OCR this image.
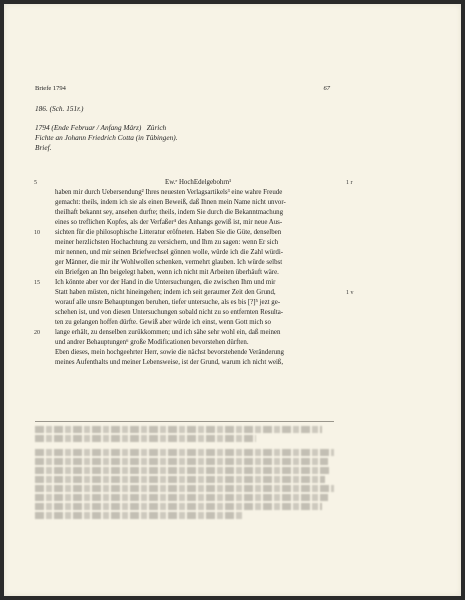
Briefe 1794	67
186. (Sch. 151r.)
1794 (Ende Februar / Anfang März)   Zürich
Fichte an Johann Friedrich Cotta (in Tübingen).
Brief.
5	Ew.⁠ᵉ HochEdelgebohrn¹	1 r
haben mir durch Uebersendung² Ihres neuesten Verlagsartikels³ eine wahre Freude
gemacht: theils, indem ich sie als einen Beweiß, daß Ihnen mein Name nicht unvor-
theilhaft bekannt sey, ansehen durfte; theils, indem Sie durch die Bekanntmachung
eines so treflichen Kopfes, als der Verfaßer⁴ des Anhangs gewiß ist, mir neue Aus-
10 sichten für die philosophische Litteratur eröfneten. Haben Sie die Güte, denselben
meiner herzlichsten Hochachtung zu versichern, und Ihm zu sagen: wenn Er sich
mir nennen, und mir seinen Briefwechsel gönnen wolle, würde ich die Zahl würdi-
ger Männer, die mir ihr Wohlwollen schenken, vermehrt glauben. Ich würde selbst
ein Briefgen an Ihn beigelegt haben, wenn ich nicht mit Arbeiten überhäuft wäre.
15 Ich könnte aber vor der Hand in die Untersuchungen, die zwischen Ihm und mir
Statt haben müsten, nicht hineingehen; indem ich seit geraumer Zeit den Grund,	1 v
worauf alle unsre Behauptungen beruhen, tiefer untersuche, als es bis [?]⁵ jezt ge-
schehen ist, und von diesen Untersuchungen sobald nicht zu so entfernten Resulta-
ten zu gelangen hoffen dürfte. Gewiß aber würde ich einst, wenn Gott mich so
20 lange erhält, zu denselben zurükkommen; und ich sähe sehr wohl ein, daß meinen
und andrer Behauptungen⁶ große Modificationen bevorstehen dürften.
Eben dieses, mein hochgeehrter Herr, sowie die nächst bevorstehende Veränderung
meines Aufenthalts und meiner Lebensweise, ist der Grund, warum ich nicht weiß,
